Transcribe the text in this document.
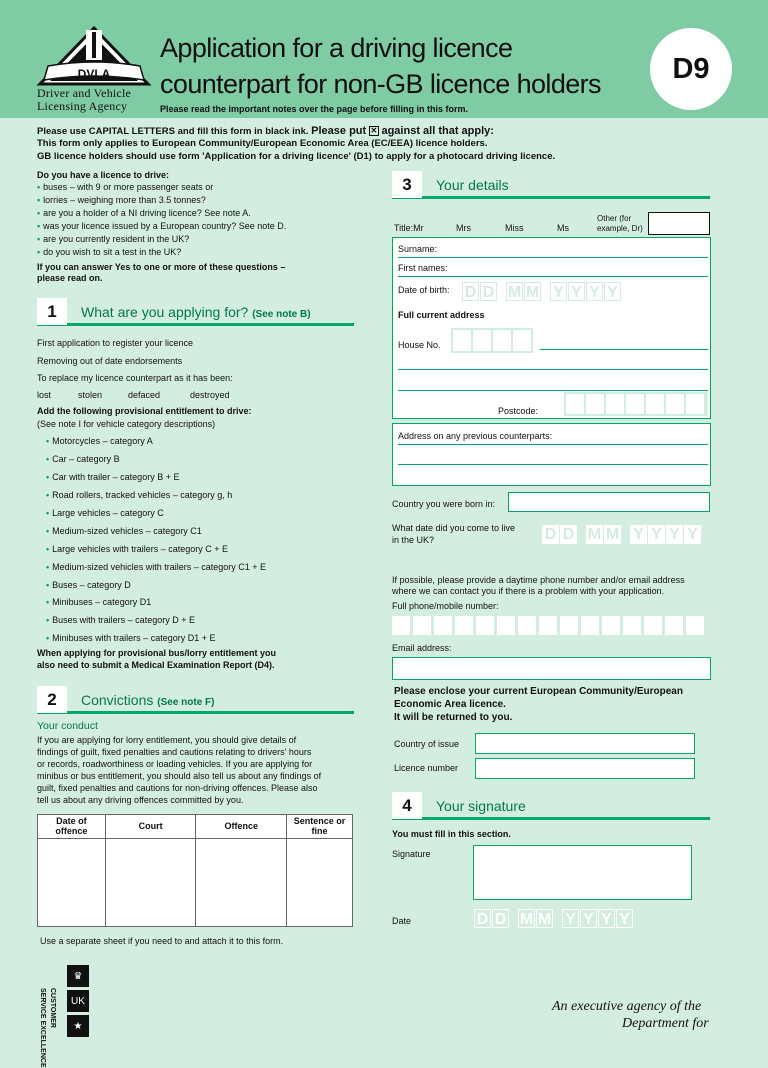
DVLA
Driver and Vehicle
Licensing Agency
Application for a driving licence
counterpart for non-GB licence holders
Please read the important notes over the page before filling in this form.
D9
Please use CAPITAL LETTERS and fill this form in black ink. Please put ✕ against all that apply:
This form only applies to European Community/European Economic Area (EC/EEA) licence holders.
GB licence holders should use form 'Application for a driving licence' (D1) to apply for a photocard driving licence.
Do you have a licence to drive:
• buses – with 9 or more passenger seats or
• lorries – weighing more than 3.5 tonnes?
• are you a holder of a NI driving licence? See note A.
• was your licence issued by a European country? See note D.
• are you currently resident in the UK?
• do you wish to sit a test in the UK?
If you can answer Yes to one or more of these questions –
please read on.
1	What are you applying for? (See note B)
First application to register your licence
Removing out of date endorsements
To replace my licence counterpart as it has been:
lost	stolen	defaced	destroyed
Add the following provisional entitlement to drive:
(See note I for vehicle category descriptions)
• Motorcycles – category A
• Car – category B
• Car with trailer – category B + E
• Road rollers, tracked vehicles – category g, h
• Large vehicles – category C
• Medium-sized vehicles – category C1
• Large vehicles with trailers – category C + E
• Medium-sized vehicles with trailers – category C1 + E
• Buses – category D
• Minibuses – category D1
• Buses with trailers – category D + E
• Minibuses with trailers – category D1 + E
When applying for provisional bus/lorry entitlement you
also need to submit a Medical Examination Report (D4).
2	Convictions (See note F)
Your conduct
If you are applying for lorry entitlement, you should give details of
findings of guilt, fixed penalties and cautions relating to drivers' hours
or records, roadworthiness or loading vehicles. If you are applying for
minibus or bus entitlement, you should also tell us about any findings of
guilt, fixed penalties and cautions for non-driving offences. Please also
tell us about any driving offences committed by you.
Date of offence	Court	Offence	Sentence or fine

Use a separate sheet if you need to and attach it to this form.
3	Your details
Title:Mr	Mrs	Miss	Ms
Other (for
example, Dr)
Surname:
First names:
Date of birth: D D M M Y Y Y Y
Full current address
House No.
Postcode:
Address on any previous counterparts:
Country you were born in:
What date did you come to live
in the UK?	D D M M Y Y Y Y
If possible, please provide a daytime phone number and/or email address
where we can contact you if there is a problem with your application.
Full phone/mobile number:
Email address:
Please enclose your current European Community/European
Economic Area licence.
It will be returned to you.
Country of issue
Licence number
4	Your signature
You must fill in this section.
Signature
Date	D D M M Y Y Y Y
CUSTOMER
SERVICE EXCELLENCE
♛
UK
★
An executive agency of the
Department for
